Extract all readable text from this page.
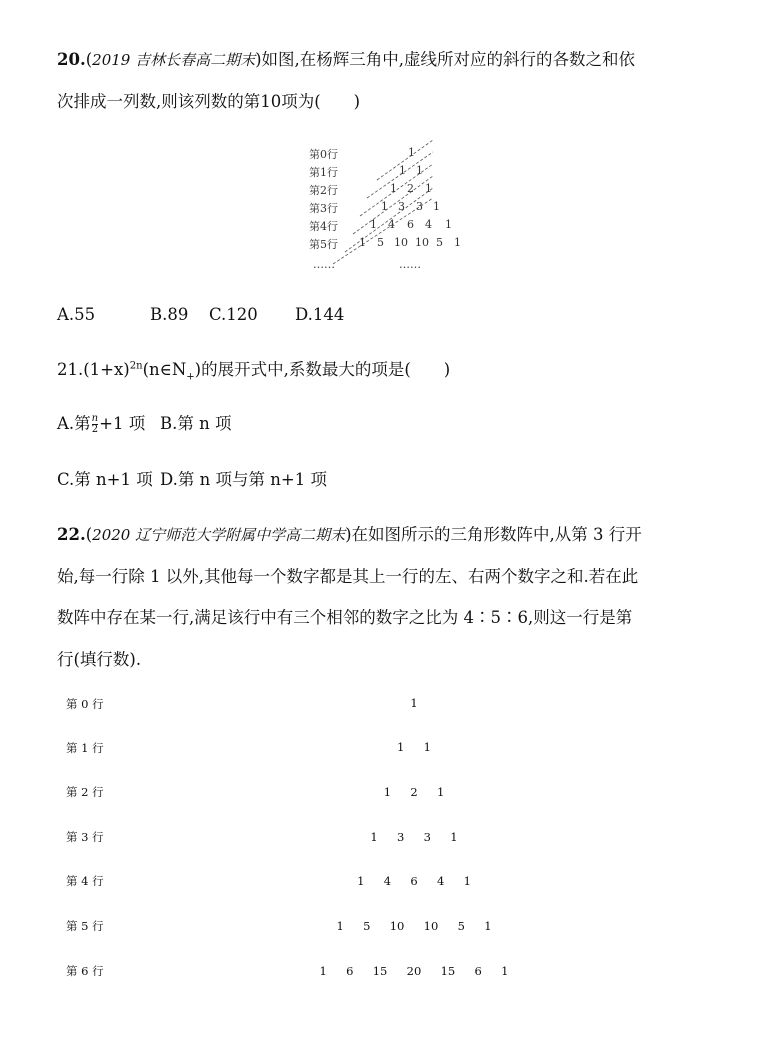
20.(2019 吉林长春高二期末)如图,在杨辉三角中,虚线所对应的斜行的各数之和依
次排成一列数,则该列数的第10项为(　　)
第0行
第1行
第2行
第3行
第4行
第5行
……
1
1 1
1 2 1
1 3 3 1
1 4 6 4 1
1 5 10 10 5 1
……
A.55	B.89 C.120 D.144
$21.(1+x)^{2n}(n\in N_+)$的展开式中,系数最大的项是(　　)
A.第 $\frac{n}{2} +1$ 项 B.第 n 项
C.第 n+1 项 D.第 n 项与第 n+1 项
22.(2020 辽宁师范大学附属中学高二期末)在如图所示的三角形数阵中,从第 3 行开
始,每一行除 1 以外,其他每一个数字都是其上一行的左、右两个数字之和.若在此
数阵中存在某一行,满足该行中有三个相邻的数字之比为 4∶5∶6,则这一行是第
行(填行数).
第 0 行
第 1 行
第 2 行
第 3 行
第 4 行
第 5 行
第 6 行
1
1  1
1  2  1
1  3  3  1
1  4  6  4  1
1  5  10  10  5  1
1  6  15  20  15  6  1
